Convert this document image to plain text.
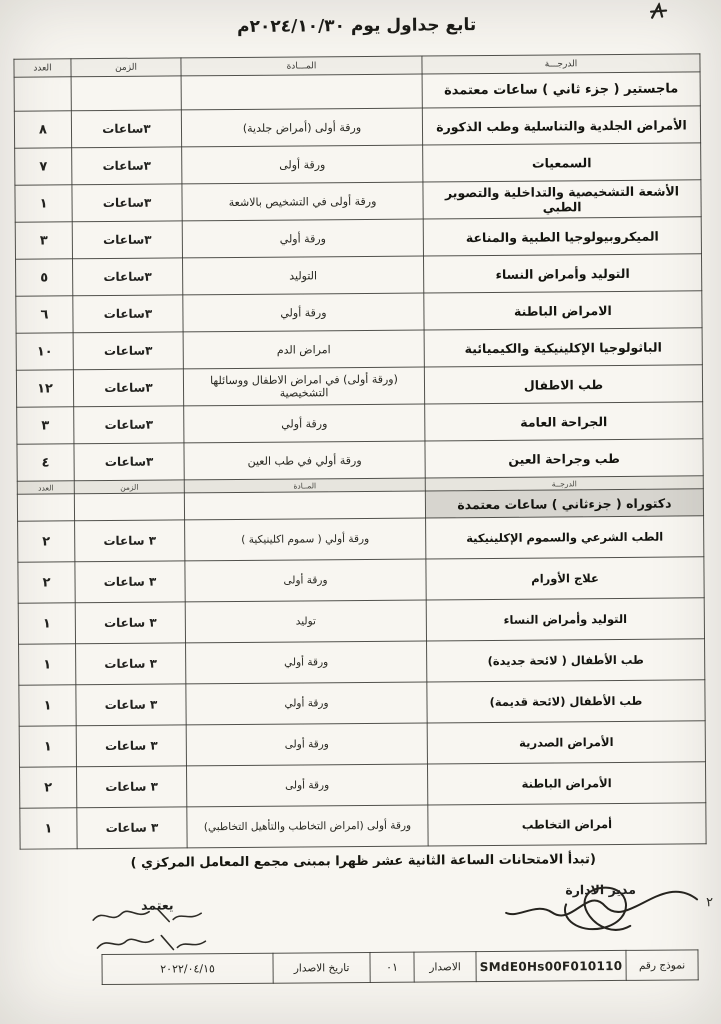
تابع جداول يوم ٢٠٢٤/١٠/٣٠م
الدرجـــة	المـــادة	الزمن	العدد
ماجستير ( جزء ثاني ) ساعات معتمدة			
الأمراض الجلدية والتناسلية وطب الذكورة	ورقة أولى (أمراض جلدية)	٣ساعات	٨
السمعيات	ورقة أولى	٣ساعات	٧
الأشعة التشخيصية والتداخلية والتصوير الطبي	ورقة أولى في التشخيص بالاشعة	٣ساعات	١
الميكروبيولوجيا الطبية والمناعة	ورقة أولي	٣ساعات	٣
التوليد وأمراض النساء	التوليد	٣ساعات	٥
الامراض الباطنة	ورقة أولي	٣ساعات	٦
الباثولوجيا الإكلينيكية والكيميائية	امراض الدم	٣ساعات	١٠
طب الاطفال	(ورقة أولى) في امراض الاطفال ووسائلها التشخيصية	٣ساعات	١٢
الجراحة العامة	ورقة أولي	٣ساعات	٣
طب وجراحة العين	ورقة أولي في طب العين	٣ساعات	٤
الدرجــة	المــادة	الزمن	العدد
دكتوراه ( جزءثاني ) ساعات معتمدة			
الطب الشرعي والسموم الإكلينيكية	ورقة أولي ( سموم اكلينيكية )	٣ ساعات	٢
علاج الأورام	ورقة أولى	٣ ساعات	٢
التوليد وأمراض النساء	توليد	٣ ساعات	١
طب الأطفال ( لائحة جديدة)	ورقة أولي	٣ ساعات	١
طب الأطفال (لائحة قديمة)	ورقة أولي	٣ ساعات	١
الأمراض الصدرية	ورقة أولى	٣ ساعات	١
الأمراض الباطنة	ورقة أولى	٣ ساعات	٢
أمراض التخاطب	ورقة أولى (امراض التخاطب والتأهيل التخاطبي)	٣ ساعات	١
(تبدأ الامتحانات الساعة الثانية عشر ظهرا بمبنى مجمع المعامل المركزي )
مدير الادارة
يعتمد	٢
نموذج رقم	SMdE0Hs00F010110	الاصدار	٠١	تاريخ الاصدار	٢٠٢٢/٠٤/١٥
